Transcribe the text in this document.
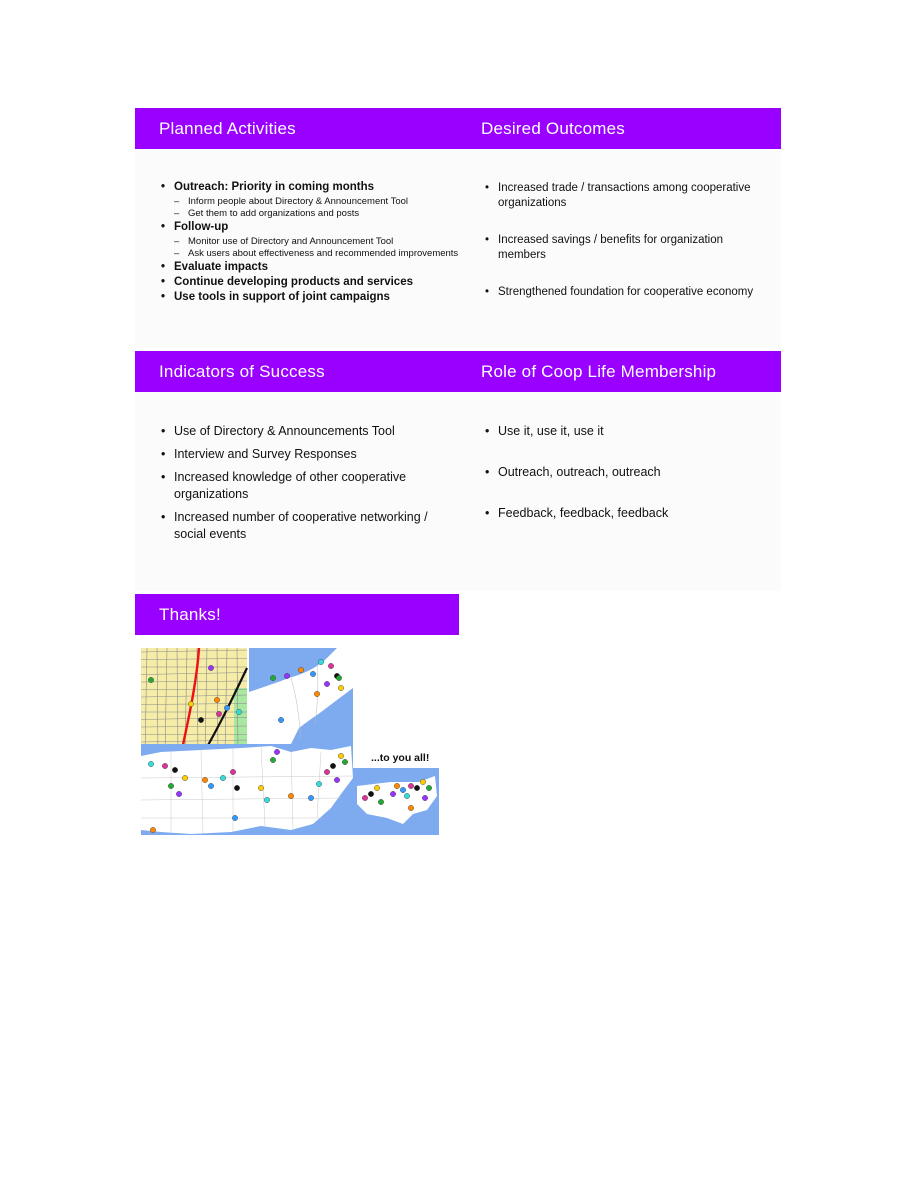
Planned Activities	Desired Outcomes
• Outreach: Priority in coming months
– Inform people about Directory & Announcement Tool
– Get them to add organizations and posts
• Follow-up
– Monitor use of Directory and Announcement Tool
– Ask users about effectiveness and recommended improvements
• Evaluate impacts
• Continue developing products and services
• Use tools in support of joint campaigns
• Increased trade / transactions among cooperative organizations
• Increased savings / benefits for organization members
• Strengthened foundation for cooperative economy
Indicators of Success	Role of Coop Life Membership
• Use of Directory & Announcements Tool
• Interview and Survey Responses
• Increased knowledge of other cooperative organizations
• Increased number of cooperative networking / social events
• Use it, use it, use it
• Outreach, outreach, outreach
• Feedback, feedback, feedback
Thanks!
...to you all!
